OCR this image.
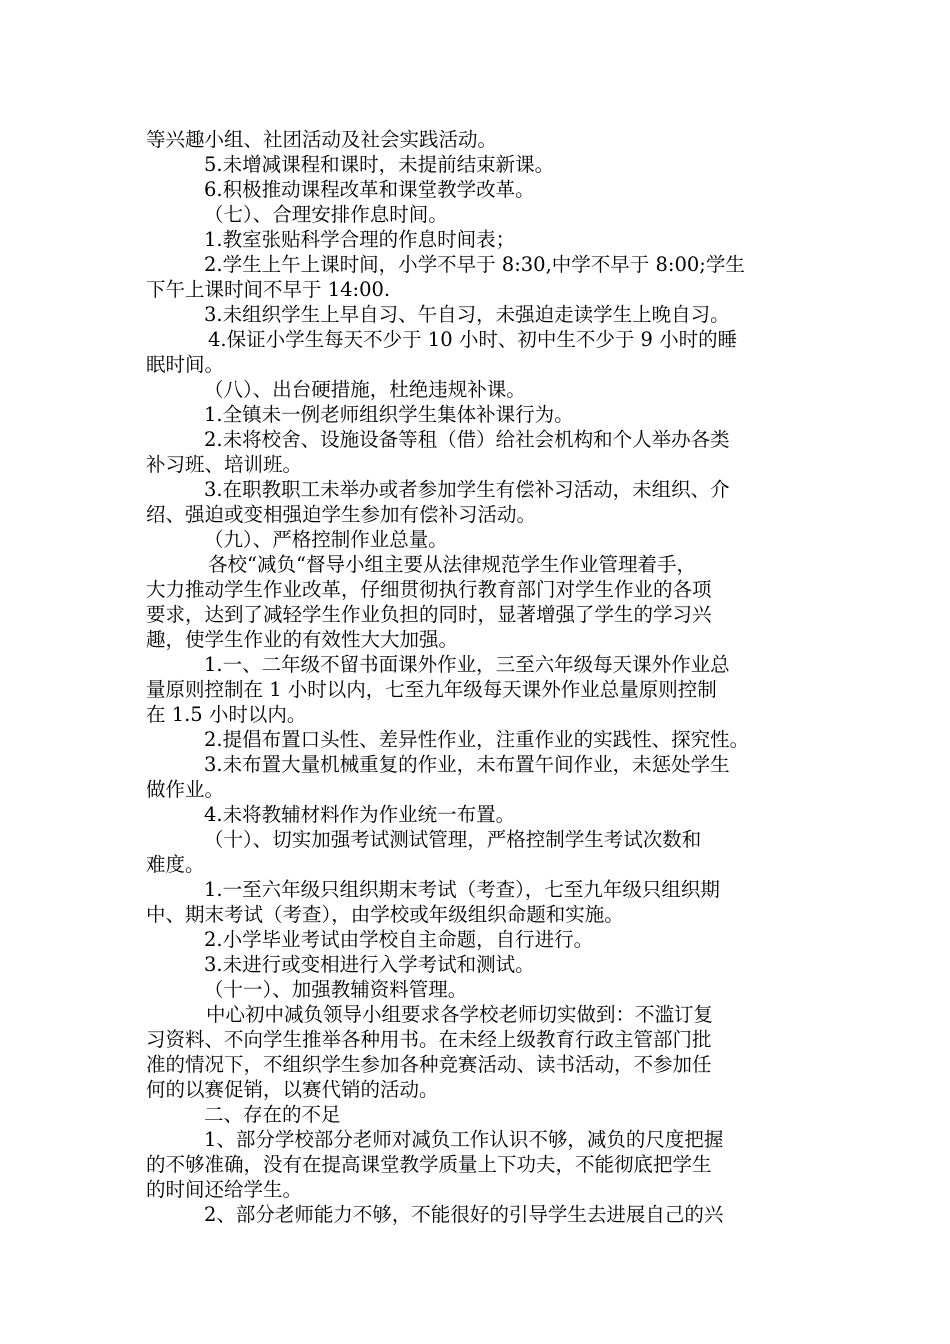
等兴趣小组、社团活动及社会实践活动。
5.未增减课程和课时，未提前结束新课。
6.积极推动课程改革和课堂教学改革。
（七）、合理安排作息时间。
1.教室张贴科学合理的作息时间表；
2.学生上午上课时间，小学不早于 8:30,中学不早于 8:00;学生
下午上课时间不早于 14:00.
3.未组织学生上早自习、午自习，未强迫走读学生上晚自习。
4.保证小学生每天不少于 10 小时、初中生不少于 9 小时的睡
眠时间。
（八）、出台硬措施，杜绝违规补课。
1.全镇未一例老师组织学生集体补课行为。
2.未将校舍、设施设备等租（借）给社会机构和个人举办各类
补习班、培训班。
3.在职教职工未举办或者参加学生有偿补习活动，未组织、介
绍、强迫或变相强迫学生参加有偿补习活动。
（九）、严格控制作业总量。
各校“减负“督导小组主要从法律规范学生作业管理着手，
大力推动学生作业改革，仔细贯彻执行教育部门对学生作业的各项
要求，达到了减轻学生作业负担的同时，显著增强了学生的学习兴
趣，使学生作业的有效性大大加强。
1.一、二年级不留书面课外作业，三至六年级每天课外作业总
量原则控制在 1 小时以内，七至九年级每天课外作业总量原则控制
在 1.5 小时以内。
2.提倡布置口头性、差异性作业，注重作业的实践性、探究性。
3.未布置大量机械重复的作业，未布置午间作业，未惩处学生
做作业。
4.未将教辅材料作为作业统一布置。
（十）、切实加强考试测试管理，严格控制学生考试次数和
难度。
1.一至六年级只组织期末考试（考查），七至九年级只组织期
中、期末考试（考查），由学校或年级组织命题和实施。
2.小学毕业考试由学校自主命题，自行进行。
3.未进行或变相进行入学考试和测试。
（十一）、加强教辅资料管理。
中心初中减负领导小组要求各学校老师切实做到：不滥订复
习资料、不向学生推举各种用书。在未经上级教育行政主管部门批
准的情况下，不组织学生参加各种竞赛活动、读书活动，不参加任
何的以赛促销，以赛代销的活动。
二、存在的不足
1、部分学校部分老师对减负工作认识不够，减负的尺度把握
的不够准确，没有在提高课堂教学质量上下功夫，不能彻底把学生
的时间还给学生。
2、部分老师能力不够，不能很好的引导学生去进展自己的兴
